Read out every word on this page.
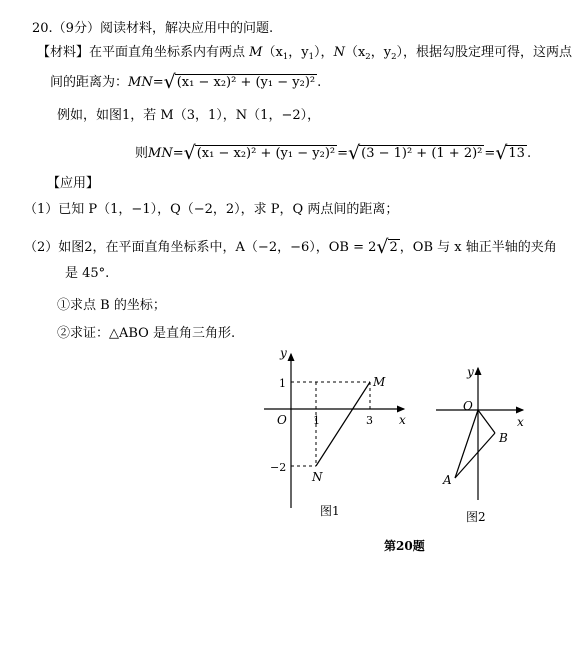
20.（9分）阅读材料，解决应用中的问题.
【材料】在平面直角坐标系内有两点 $M(x_1$，$y_1$），$N(x_2$，$y_2$），根据勾股定理可得，这两点
间的距离为：MN=√(x₁ − x₂)² + (y₁ − y₂)² .
例如，如图1，若 M（3，1），N（1，−2），
则MN=√(x₁ − x₂)² + (y₁ − y₂)² =√(3 − 1)² + (1 + 2)² =√13 .
【应用】
（1）已知 P（1，−1），Q（−2，2），求 P，Q 两点间的距离；
（2）如图2，在平面直角坐标系中，A（−2，−6），OB = 2√2 ，OB 与 x 轴正半轴的夹角
是 45°.
①求点 B 的坐标；
②求证：△ABO 是直角三角形.
y
x
O 1	3
1
−2
M
N
图1
y
x
O
A
B
图2
第20题
